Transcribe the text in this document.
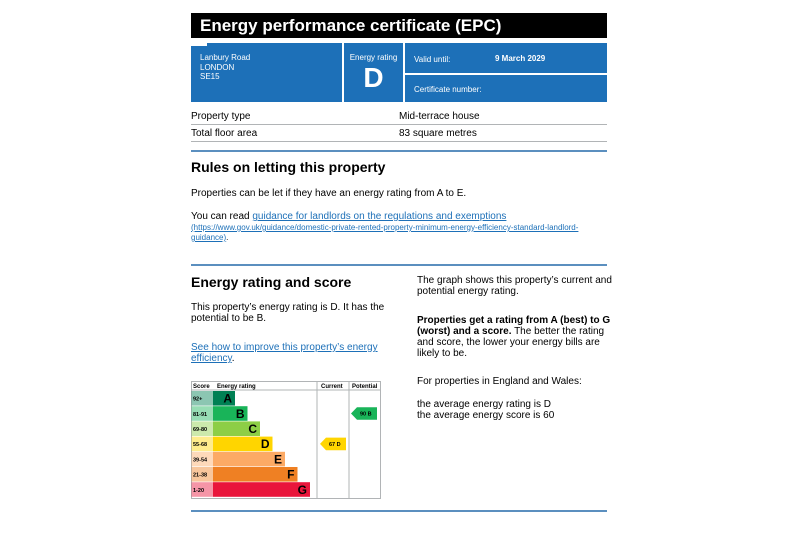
Energy performance certificate (EPC)
Lanbury Road
LONDON
SE15
Energy rating
D
Valid until:	9 March 2029
Certificate number:
Property type	Mid-terrace house
Total floor area	83 square metres
Rules on letting this property
Properties can be let if they have an energy rating from A to E.
You can read guidance for landlords on the regulations and exemptions
(https://www.gov.uk/guidance/domestic-private-rented-property-minimum-energy-efficiency-standard-landlord-
guidance).
Energy rating and score
This property’s energy rating is D. It has the
potential to be B.
See how to improve this property’s energy
efficiency.
The graph shows this property’s current and
potential energy rating.
Properties get a rating from A (best) to G
(worst) and a score. The better the rating
and score, the lower your energy bills are
likely to be.
For properties in England and Wales:
the average energy rating is D
the average energy score is 60
Score Energy rating	Current Potential
92+ A
81-91 B
69-80	C
55-68	D
39-54	E
21-38	F
1-20	G
67 D
90 B
